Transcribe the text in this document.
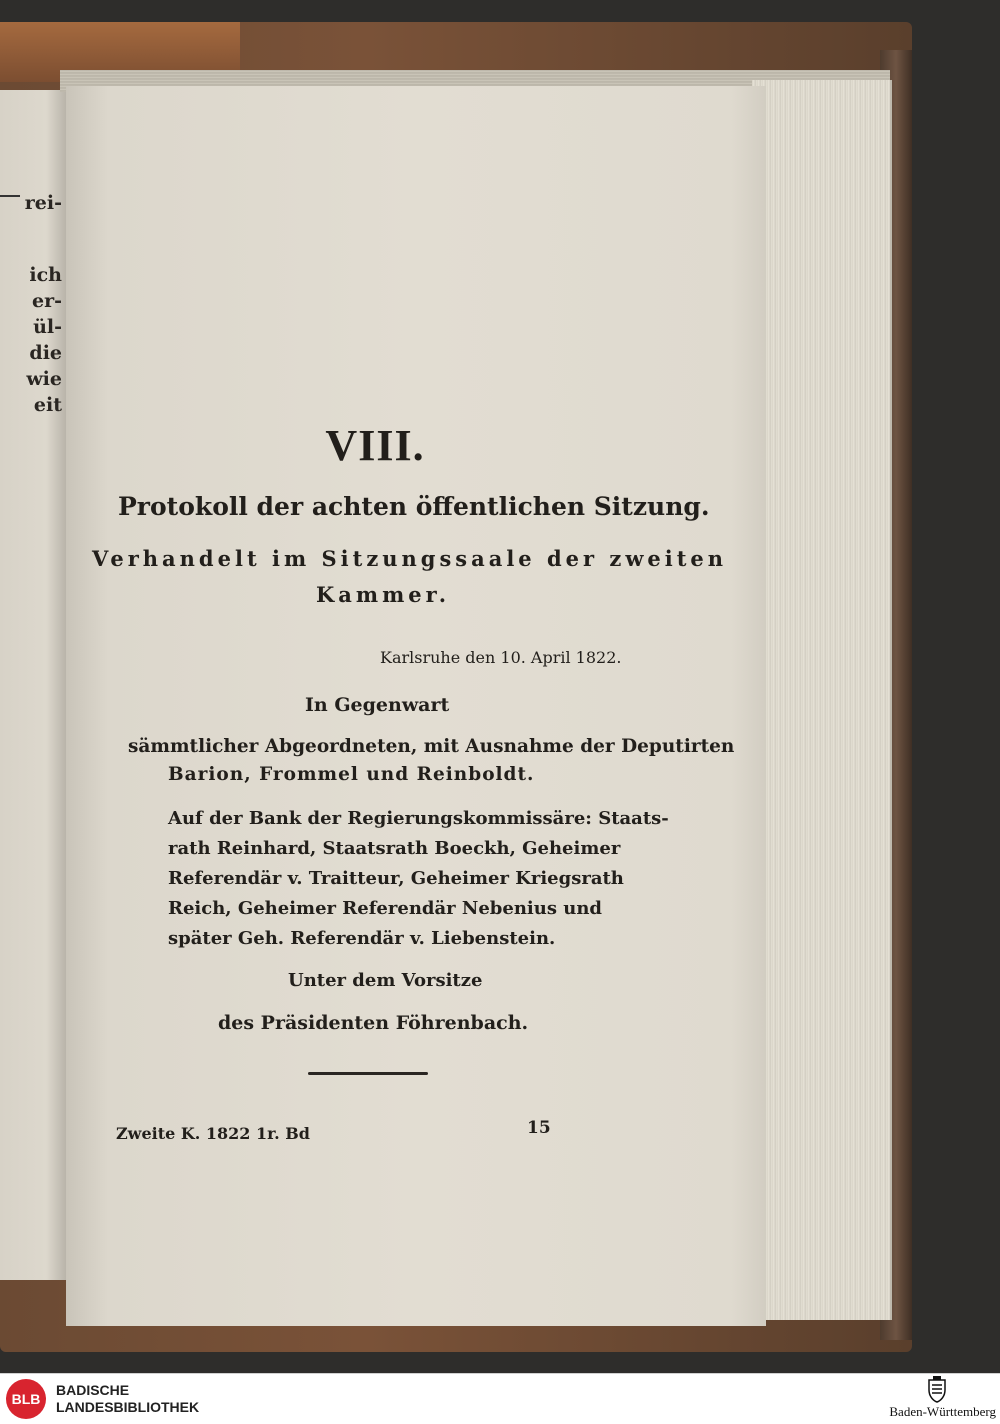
rei-
ich
er-
ül-
die
wie
eit
VIII.
Protokoll der achten öffentlichen Sitzung.
Verhandelt im Sitzungssaale der zweiten
Kammer.
Karlsruhe den 10. April 1822.
In Gegenwart
sämmtlicher Abgeordneten, mit Ausnahme der Deputirten
Barion, Frommel und Reinboldt.
Auf der Bank der Regierungskommissäre: Staats-
rath Reinhard, Staatsrath Boeckh, Geheimer
Referendär v. Traitteur, Geheimer Kriegsrath
Reich, Geheimer Referendär Nebenius und
später Geh. Referendär v. Liebenstein.
Unter dem Vorsitze
des Präsidenten Föhrenbach.
Zweite K. 1822 1r. Bd	15
BLB
BADISCHE
LANDESBIBLIOTHEK	Baden-Württemberg
